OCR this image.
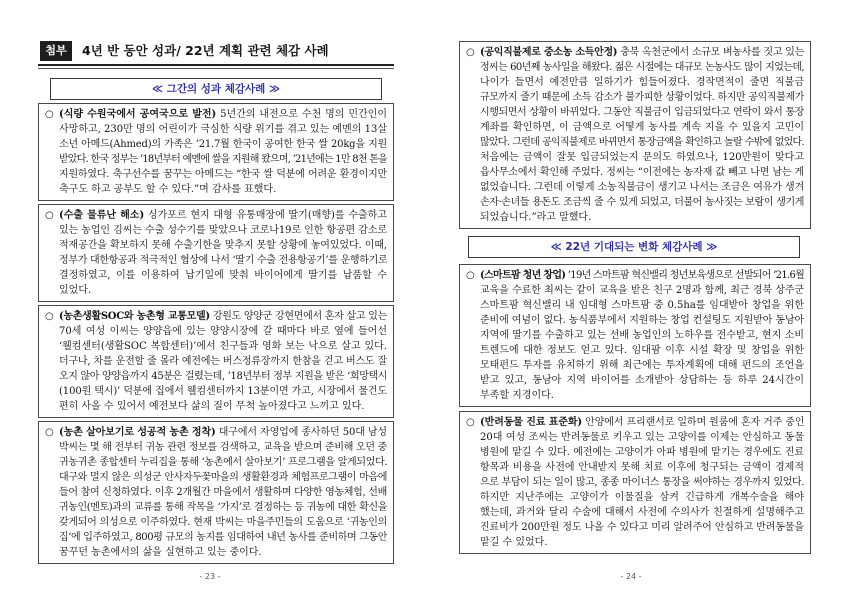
첨부	4년 반 동안 성과/ 22년 계획 관련 체감 사례
≪ 그간의 성과 체감사례 ≫
○ (식량 수원국에서 공여국으로 발전) 5년간의 내전으로 수천 명의 민간인이
사망하고, 230만 명의 어린이가 극심한 식량 위기를 겪고 있는 예멘의 13살
소년 아메드(Ahmed)의 가족은 ’21.7월 한국이 공여한 한국 쌀 20kg을 지원
받았다. 한국 정부는 ’18년부터 예멘에 쌀을 지원해 왔으며, ’21년에는 1만 8천 톤을
지원하였다. 축구선수를 꿈꾸는 아메드는 “한국 쌀 덕분에 어려운 환경이지만
축구도 하고 공부도 할 수 있다.”며 감사를 표했다.
○ (수출 물류난 해소) 싱가포르 현지 대형 유통매장에 딸기(매향)를 수출하고
있는 농업인 김씨는 수출 성수기를 맞았으나 코로나19로 인한 항공편 감소로
적재공간을 확보하지 못해 수출기한을 맞추지 못할 상황에 놓여있었다. 이때,
정부가 대한항공과 적극적인 협상에 나서 ‘딸기 수출 전용항공기’를 운행하기로
결정하였고, 이를 이용하여 납기일에 맞춰 바이어에게 딸기를 납품할 수
있었다.
○ (농촌생활SOC와 농촌형 교통모델) 강원도 양양군 강현면에서 혼자 살고 있는
70세 여성 이씨는 양양읍에 있는 양양시장에 갈 때마다 바로 옆에 들어선
‘웰컴센터(생활SOC 복합센터)’에서 친구들과 영화 보는 낙으로 살고 있다.
더구나, 차를 운전할 줄 몰라 예전에는 버스정류장까지 한참을 걷고 버스도 잘
오지 않아 양양읍까지 45분은 걸렸는데, ’18년부터 정부 지원을 받은 ‘희망택시
(100원 택시)’ 덕분에 집에서 웰컴센터까지 13분이면 가고, 시장에서 물건도
편히 사올 수 있어서 예전보다 삶의 질이 무척 높아졌다고 느끼고 있다.
○ (농촌 살아보기로 성공적 농촌 정착) 대구에서 자영업에 종사하던 50대 남성
박씨는 몇 해 전부터 귀농 관련 정보를 검색하고, 교육을 받으며 준비해 오던 중
귀농귀촌 종합센터 누리집을 통해 ‘농촌에서 살아보기’ 프로그램을 알게되었다.
대구와 멀지 않은 의성군 안사자두꽃마을의 생활환경과 체험프로그램이 마음에
들어 참여 신청하였다. 이후 2개월간 마을에서 생활하며 다양한 영농체험, 선배
귀농인(멘토)과의 교류를 통해 작목을 ‘가지’로 결정하는 등 귀농에 대한 확신을
갖게되어 의성으로 이주하였다. 현재 박씨는 마을주민들의 도움으로 ‘귀농인의
집’에 입주하였고, 800평 규모의 농지를 임대하여 내년 농사를 준비하며 그동안
꿈꾸던 농촌에서의 삶을 실현하고 있는 중이다.
- 23 -
○ (공익직불제로 중소농 소득안정) 충북 옥천군에서 소규모 벼농사를 짓고 있는
정씨는 60년째 농사일을 해왔다. 젊은 시절에는 대규모 논농사도 많이 지었는데,
나이가 들면서 예전만큼 일하기가 힘들어졌다. 경작면적이 줄면 직불금
규모까지 줄기 때문에 소득 감소가 불가피한 상황이었다. 하지만 공익직불제가
시행되면서 상황이 바뀌었다. 그동안 직불금이 입금되었다고 연락이 와서 통장
계좌를 확인하면, 이 금액으로 어떻게 농사를 계속 지을 수 있을지 고민이
많았다. 그런데 공익직불제로 바뀌면서 통장금액을 확인하고 놀랄 수밖에 없었다.
처음에는 금액이 잘못 입금되었는지 문의도 하였으나, 120만원이 맞다고
읍사무소에서 확인해 주었다. 정씨는 “이전에는 농자재 값 빼고 나면 남는 게
없었습니다. 그런데 이렇게 소농직불금이 생기고 나서는 조금은 여유가 생겨
손자·손녀들 용돈도 조금씩 줄 수 있게 되었고, 더불어 농사짓는 보람이 생기게
되었습니다.”라고 말했다.
≪ 22년 기대되는 변화 체감사례 ≫
○ (스마트팜 청년 창업) ’19년 스마트팜 혁신밸리 청년보육생으로 선발되어 ’21.6월
교육을 수료한 최씨는 같이 교육을 받은 친구 2명과 함께, 최근 경북 상주군
스마트팜 혁신밸리 내 임대형 스마트팜 중 0.5ha를 임대받아 창업을 위한
준비에 여념이 없다. 농식품부에서 지원하는 창업 컨설팅도 지원받아 동남아
지역에 딸기를 수출하고 있는 선배 농업인의 노하우를 전수받고, 현지 소비
트렌드에 대한 정보도 얻고 있다. 임대팜 이후 시설 확장 및 창업을 위한
모태펀드 투자를 유치하기 위해 최근에는 투자계획에 대해 펀드의 조언을
받고 있고, 동남아 지역 바이어를 소개받아 상담하는 등 하루 24시간이
부족할 지경이다.
○ (반려동물 진료 표준화) 안양에서 프리랜서로 일하며 원룸에 혼자 거주 중인
20대 여성 조씨는 반려동물로 키우고 있는 고양이를 이제는 안심하고 동물
병원에 맡길 수 있다. 예전에는 고양이가 아파 병원에 맡기는 경우에도 진료
항목과 비용을 사전에 안내받지 못해 치료 이후에 청구되는 금액이 경제적
으로 부담이 되는 일이 많고, 종종 마이너스 통장을 써야하는 경우까지 있었다.
하지만 지난주에는 고양이가 이물질을 삼켜 긴급하게 개복수술을 해야
했는데, 과거와 달리 수술에 대해서 사전에 수의사가 친절하게 설명해주고
진료비가 200만원 정도 나올 수 있다고 미리 알려주어 안심하고 반려동물을
맡길 수 있었다.
- 24 -
